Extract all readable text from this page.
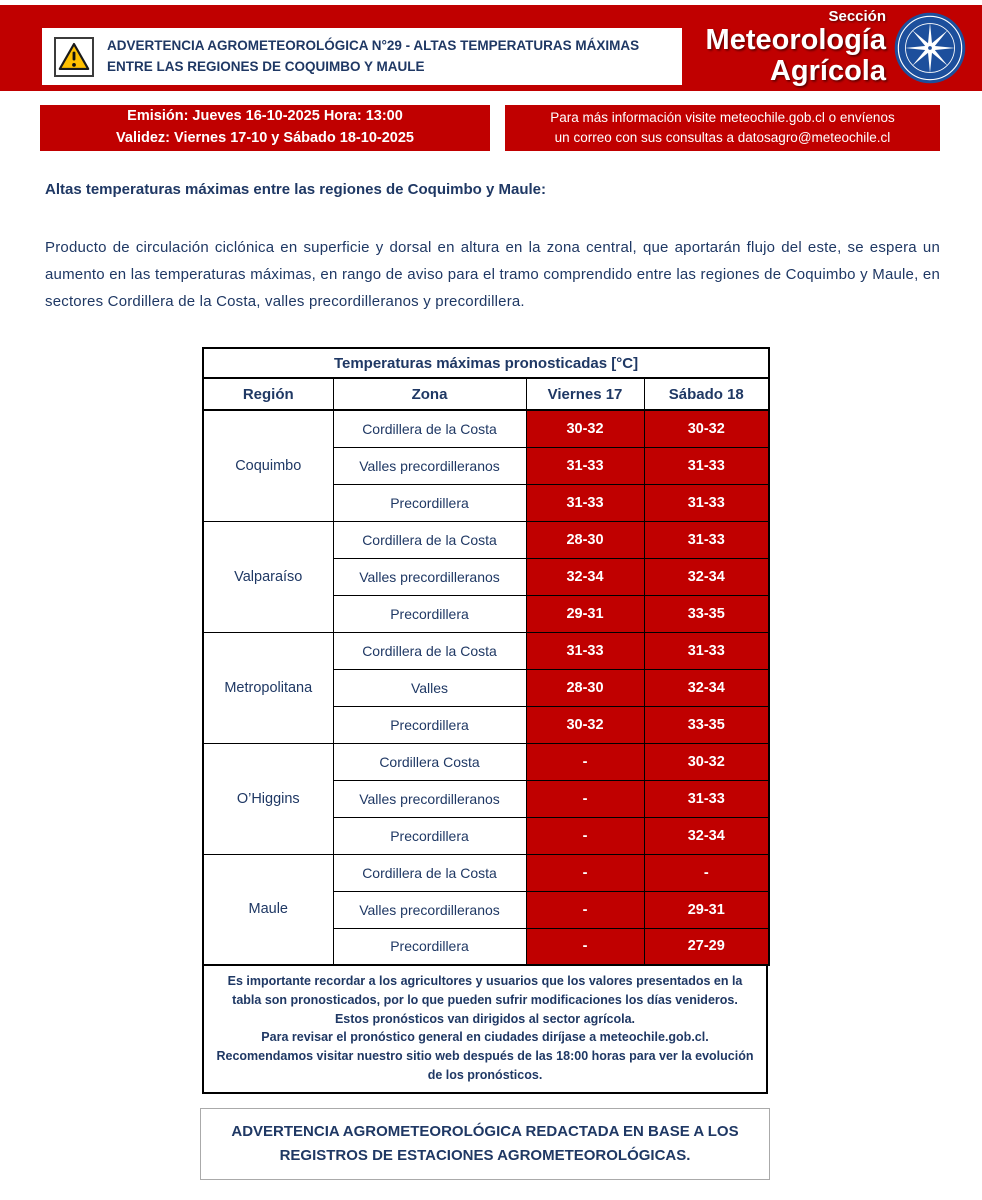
ADVERTENCIA AGROMETEOROLÓGICA N°29 - ALTAS TEMPERATURAS MÁXIMAS
ENTRE LAS REGIONES DE COQUIMBO Y MAULE
Sección
Meteorología
Agrícola
Emisión: Jueves 16-10-2025 Hora: 13:00
Validez: Viernes 17-10 y Sábado 18-10-2025
Para más información visite meteochile.gob.cl o envíenos
un correo con sus consultas a datosagro@meteochile.cl
Altas temperaturas máximas entre las regiones de Coquimbo y Maule:
Producto de circulación ciclónica en superficie y dorsal en altura en la zona central, que aportarán flujo del este, se espera un aumento en las temperaturas máximas, en rango de aviso para el tramo comprendido entre las regiones de Coquimbo y Maule, en sectores Cordillera de la Costa, valles precordilleranos y precordillera.
Temperaturas máximas pronosticadas [°C]			
Región	Zona	Viernes 17	Sábado 18
Coquimbo	Cordillera de la Costa	30-32	30-32
	Valles precordilleranos	31-33	31-33
	Precordillera	31-33	31-33
Valparaíso	Cordillera de la Costa	28-30	31-33
	Valles precordilleranos	32-34	32-34
	Precordillera	29-31	33-35
Metropolitana	Cordillera de la Costa	31-33	31-33
	Valles	28-30	32-34
	Precordillera	30-32	33-35
O’Higgins	Cordillera Costa	-	30-32
	Valles precordilleranos	-	31-33
	Precordillera	-	32-34
Maule	Cordillera de la Costa	-	-
	Valles precordilleranos	-	29-31
	Precordillera	-	27-29

Es importante recordar a los agricultores y usuarios que los valores presentados en la tabla son pronosticados, por lo que pueden sufrir modificaciones los días venideros. Estos pronósticos van dirigidos al sector agrícola.

Para revisar el pronóstico general en ciudades diríjase a meteochile.gob.cl. Recomendamos visitar nuestro sitio web después de las 18:00 horas para ver la evolución de los pronósticos.

ADVERTENCIA AGROMETEOROLÓGICA REDACTADA EN BASE A LOS
REGISTROS DE ESTACIONES AGROMETEOROLÓGICAS.
